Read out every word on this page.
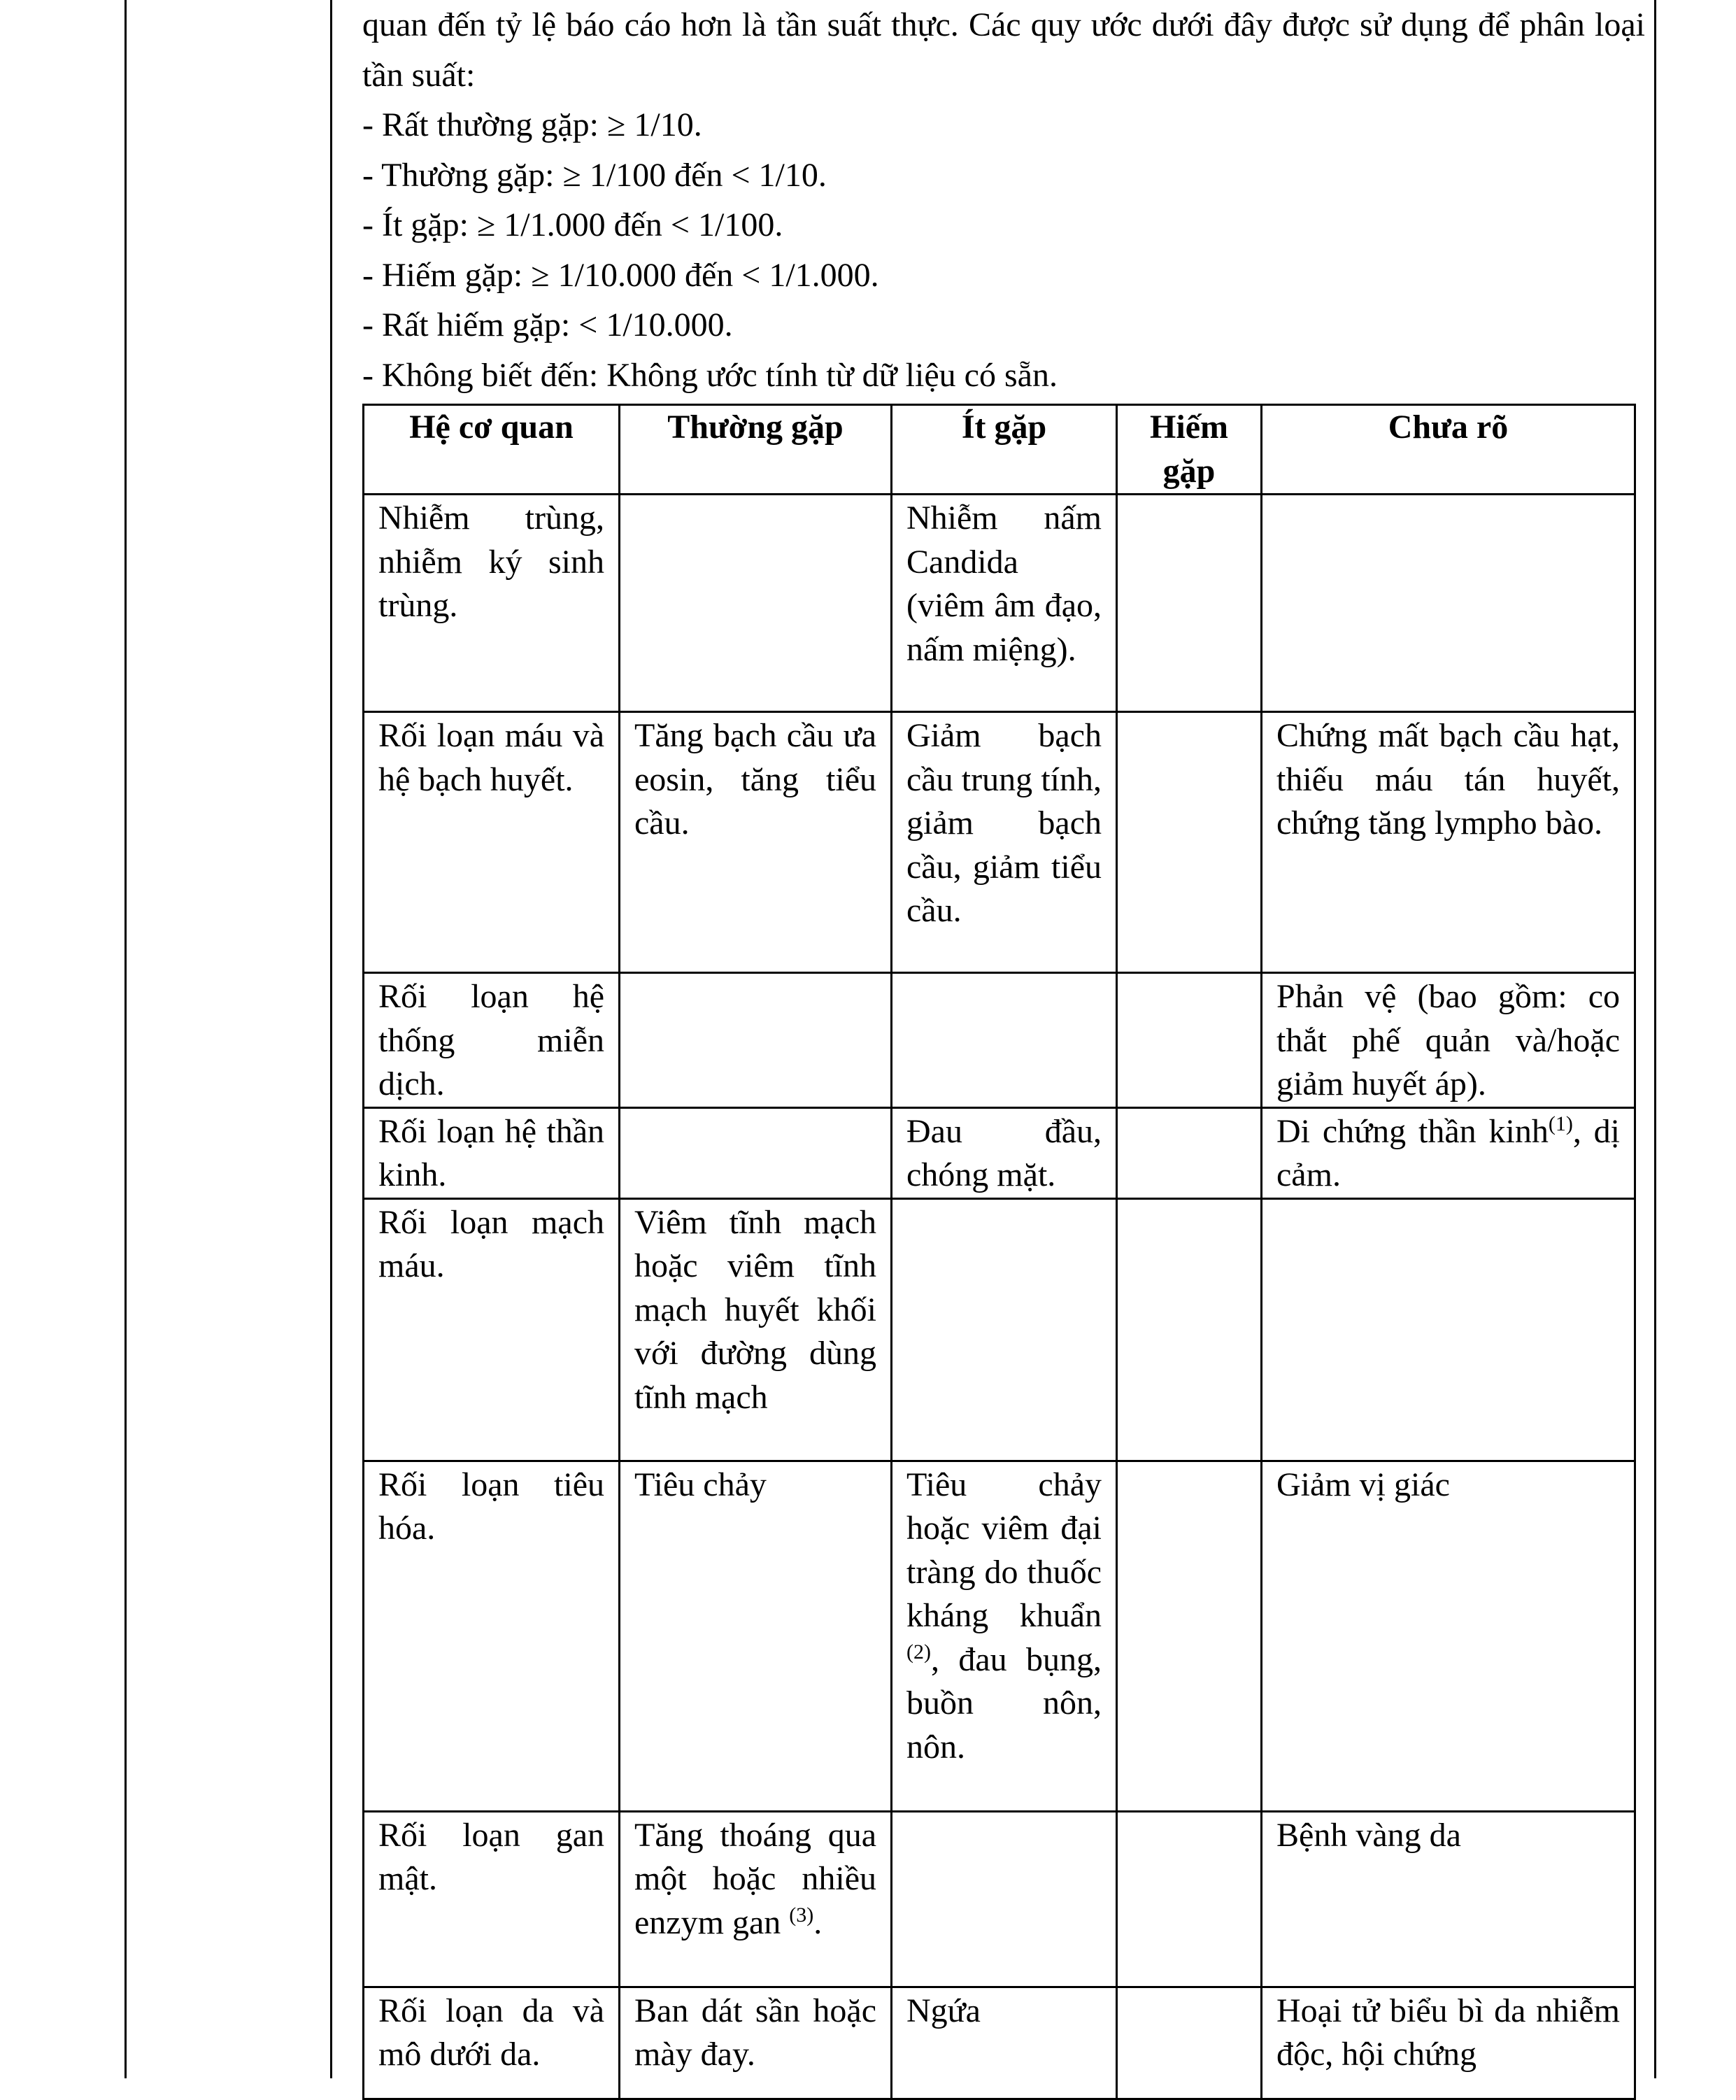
quan đến tỷ lệ báo cáo hơn là tần suất thực. Các quy ước dưới đây được sử dụng để phân loại tần suất:

- Rất thường gặp: ≥ 1/10.
- Thường gặp: ≥ 1/100 đến < 1/10.
- Ít gặp: ≥ 1/1.000 đến < 1/100.
- Hiếm gặp: ≥ 1/10.000 đến < 1/1.000.
- Rất hiếm gặp: < 1/10.000.
- Không biết đến: Không ước tính từ dữ liệu có sẵn.
Hệ cơ quan	Thường gặp	Ít gặp	Hiếm gặp	Chưa rõ
Nhiễm trùng, nhiễm ký sinh trùng.		Nhiễm nấm Candida (viêm âm đạo, nấm miệng).		
Rối loạn máu và hệ bạch huyết.	Tăng bạch cầu ưa eosin, tăng tiểu cầu.	Giảm bạch cầu trung tính, giảm bạch cầu, giảm tiểu cầu.		Chứng mất bạch cầu hạt, thiếu máu tán huyết, chứng tăng lympho bào.
Rối loạn hệ thống miễn dịch.				Phản vệ (bao gồm: co thắt phế quản và/hoặc giảm huyết áp).
Rối loạn hệ thần kinh.		Đau đầu, chóng mặt.		Di chứng thần kinh$^{(1)}$, dị cảm.
Rối loạn mạch máu.	Viêm tĩnh mạch hoặc viêm tĩnh mạch huyết khối với đường dùng tĩnh mạch			
Rối loạn tiêu hóa.	Tiêu chảy	Tiêu chảy hoặc viêm đại tràng do thuốc kháng khuẩn $^{(2)}$, đau bụng, buồn nôn, nôn.		Giảm vị giác
Rối loạn gan mật.	Tăng thoáng qua một hoặc nhiều enzym gan $^{(3)}$.			Bệnh vàng da
Rối loạn da và mô dưới da.	Ban dát sần hoặc mày đay.	Ngứa		Hoại tử biểu bì da nhiễm độc, hội chứng
